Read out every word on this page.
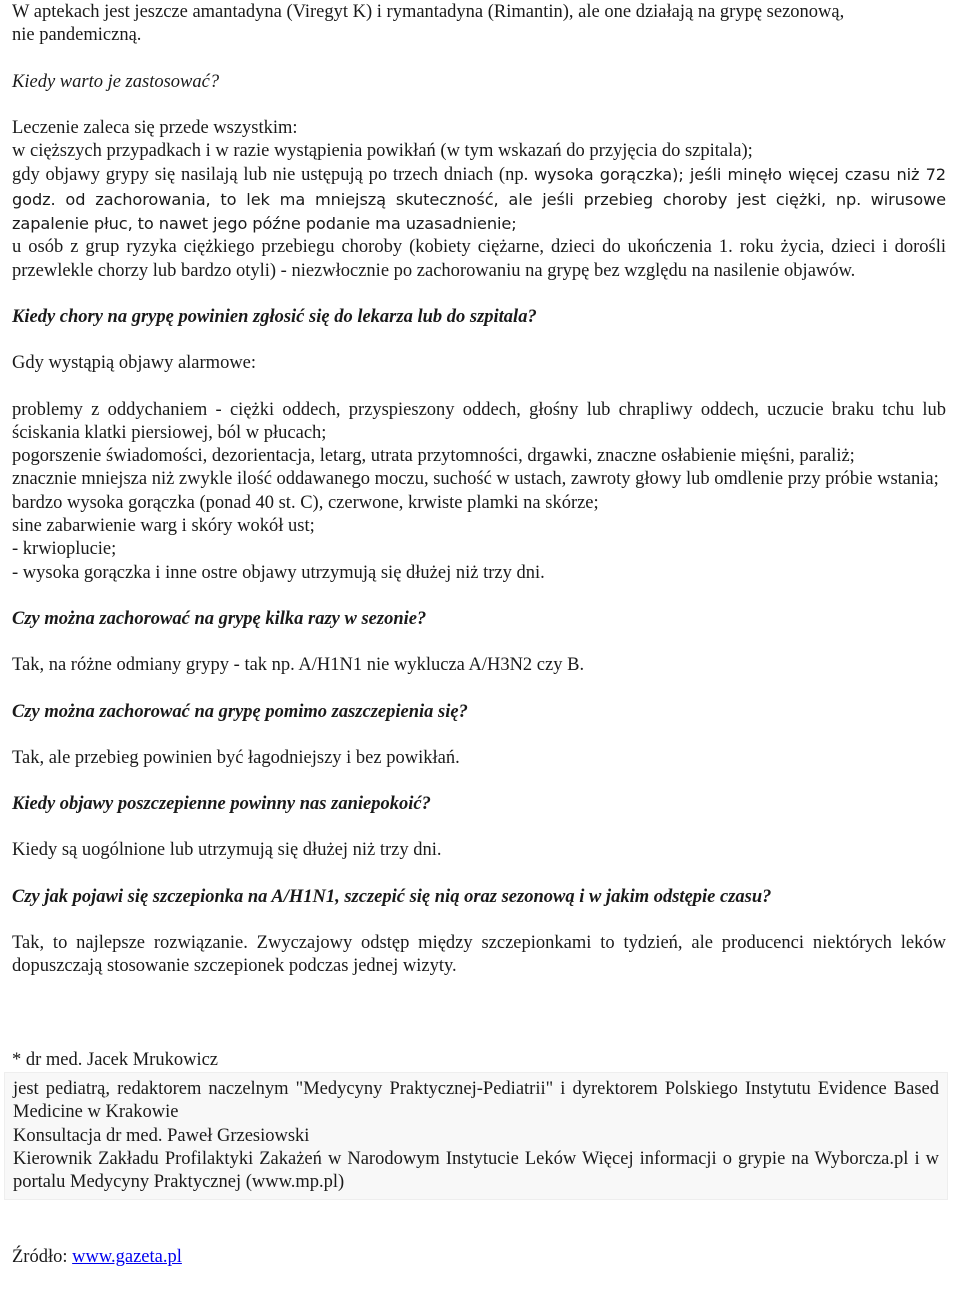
W aptekach jest jeszcze amantadyna (Viregyt K) i rymantadyna (Rimantin), ale one działają na grypę sezonową,
nie pandemiczną.

Kiedy warto je zastosować?

Leczenie zaleca się przede wszystkim:
w cięższych przypadkach i w razie wystąpienia powikłań (w tym wskazań do przyjęcia do szpitala);

gdy objawy grypy się nasilają lub nie ustępują po trzech dniach (np. wysoka gorączka); jeśli minęło więcej czasu niż 72 godz. od zachorowania, to lek ma mniejszą skuteczność, ale jeśli przebieg choroby jest ciężki, np. wirusowe zapalenie płuc, to nawet jego późne podanie ma uzasadnienie;

u osób z grup ryzyka ciężkiego przebiegu choroby (kobiety ciężarne, dzieci do ukończenia 1. roku życia, dzieci i dorośli przewlekle chorzy lub bardzo otyli) - niezwłocznie po zachorowaniu na grypę bez względu na nasilenie objawów.

Kiedy chory na grypę powinien zgłosić się do lekarza lub do szpitala?

Gdy wystąpią objawy alarmowe:

problemy z oddychaniem - ciężki oddech, przyspieszony oddech, głośny lub chrapliwy oddech, uczucie braku tchu lub ściskania klatki piersiowej, ból w płucach;

pogorszenie świadomości, dezorientacja, letarg, utrata przytomności, drgawki, znaczne osłabienie mięśni, paraliż;

znacznie mniejsza niż zwykle ilość oddawanego moczu, suchość w ustach, zawroty głowy lub omdlenie przy próbie wstania;

bardzo wysoka gorączka (ponad 40 st. C), czerwone, krwiste plamki na skórze;

sine zabarwienie warg i skóry wokół ust;

- krwioplucie;

- wysoka gorączka i inne ostre objawy utrzymują się dłużej niż trzy dni.

Czy można zachorować na grypę kilka razy w sezonie?

Tak, na różne odmiany grypy - tak np. A/H1N1 nie wyklucza A/H3N2 czy B.

Czy można zachorować na grypę pomimo zaszczepienia się?

Tak, ale przebieg powinien być łagodniejszy i bez powikłań.

Kiedy objawy poszczepienne powinny nas zaniepokoić?

Kiedy są uogólnione lub utrzymują się dłużej niż trzy dni.

Czy jak pojawi się szczepionka na A/H1N1, szczepić się nią oraz sezonową i w jakim odstępie czasu?

Tak, to najlepsze rozwiązanie. Zwyczajowy odstęp między szczepionkami to tydzień, ale producenci niektórych leków dopuszczają stosowanie szczepionek podczas jednej wizyty.

* dr med. Jacek Mrukowicz

jest pediatrą, redaktorem naczelnym "Medycyny Praktycznej-Pediatrii" i dyrektorem Polskiego Instytutu Evidence Based Medicine w Krakowie

Konsultacja dr med. Paweł Grzesiowski

Kierownik Zakładu Profilaktyki Zakażeń w Narodowym Instytucie Leków Więcej informacji o grypie na Wyborcza.pl i w portalu Medycyny Praktycznej (www.mp.pl)

Źródło: www.gazeta.pl
